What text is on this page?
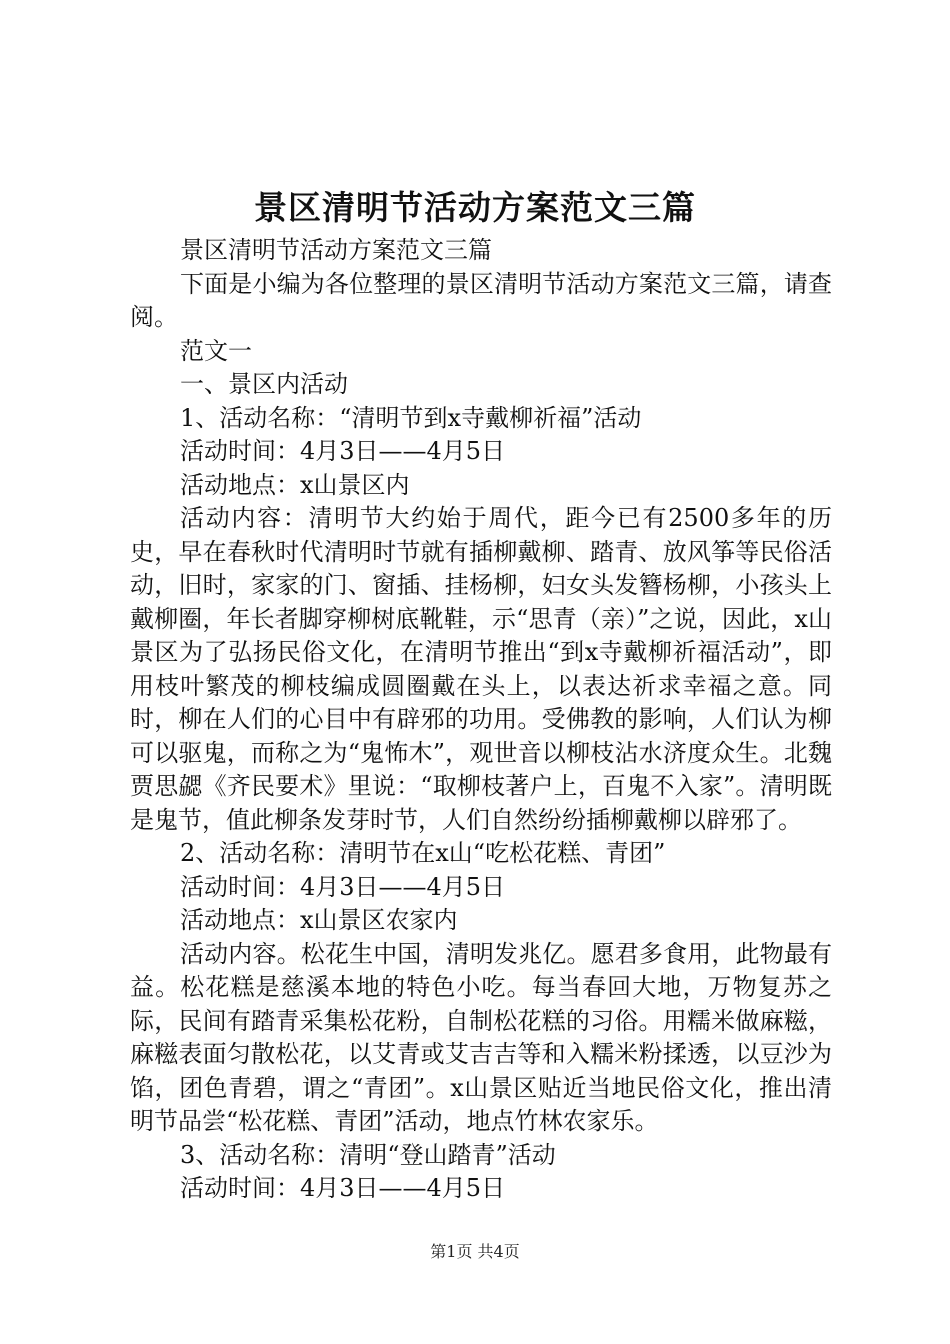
景区清明节活动方案范文三篇

景区清明节活动方案范文三篇

下面是小编为各位整理的景区清明节活动方案范文三篇，请查阅。

范文一

一、景区内活动

1、活动名称：“清明节到x寺戴柳祈福”活动

活动时间：4月3日——4月5日

活动地点：x山景区内

活动内容：清明节大约始于周代，距今已有2500多年的历史，早在春秋时代清明时节就有插柳戴柳、踏青、放风筝等民俗活动，旧时，家家的门、窗插、挂杨柳，妇女头发簪杨柳，小孩头上戴柳圈，年长者脚穿柳树底靴鞋，示“思青（亲）”之说，因此，x山景区为了弘扬民俗文化，在清明节推出“到x寺戴柳祈福活动”，即用枝叶繁茂的柳枝编成圆圈戴在头上，以表达祈求幸福之意。同时，柳在人们的心目中有辟邪的功用。受佛教的影响，人们认为柳可以驱鬼，而称之为“鬼怖木”，观世音以柳枝沾水济度众生。北魏贾思勰《齐民要术》里说：“取柳枝著户上，百鬼不入家”。清明既是鬼节，值此柳条发芽时节，人们自然纷纷插柳戴柳以辟邪了。

2、活动名称：清明节在x山“吃松花糕、青团”

活动时间：4月3日——4月5日

活动地点：x山景区农家内

活动内容。松花生中国，清明发兆亿。愿君多食用，此物最有益。松花糕是慈溪本地的特色小吃。每当春回大地，万物复苏之际，民间有踏青采集松花粉，自制松花糕的习俗。用糯米做麻糍，麻糍表面匀散松花，以艾青或艾吉吉等和入糯米粉揉透，以豆沙为馅，团色青碧，谓之“青团”。x山景区贴近当地民俗文化，推出清明节品尝“松花糕、青团”活动，地点竹林农家乐。

3、活动名称：清明“登山踏青”活动

活动时间：4月3日——4月5日

第1页 共4页
